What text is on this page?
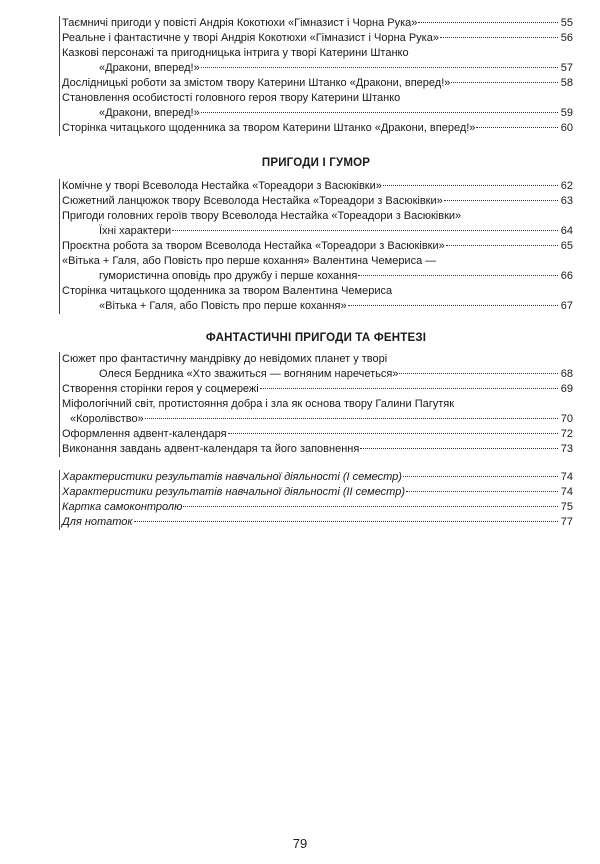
Таємничі пригоди у повісті Андрія Кокотюхи «Гімназист і Чорна Рука»	55
Реальне і фантастичне у творі Андрія Кокотюхи «Гімназист і Чорна Рука»	56
Казкові персонажі та пригодницька інтрига у творі Катерини Штанко
«Дракони, вперед!»	57
Дослідницькі роботи за змістом твору Катерини Штанко «Дракони, вперед!»	58
Становлення особистості головного героя твору Катерини Штанко
«Дракони, вперед!»	59
Сторінка читацького щоденника за твором Катерини Штанко «Дракони, вперед!»	60
ПРИГОДИ І ГУМОР
Комічне у творі Всеволода Нестайка «Тореадори з Васюківки»	62
Сюжетний ланцюжок твору Всеволода Нестайка «Тореадори з Васюківки»	63
Пригоди головних героїв твору Всеволода Нестайка «Тореадори з Васюківки»
Їхні характери	64
Проєктна робота за твором Всеволода Нестайка «Тореадори з Васюківки»	65
«Вітька + Галя, або Повість про перше кохання» Валентина Чемериса —
гумористична оповідь про дружбу і перше кохання	66
Сторінка читацького щоденника за твором Валентина Чемериса
«Вітька + Галя, або Повість про перше кохання»	67
ФАНТАСТИЧНІ ПРИГОДИ ТА ФЕНТЕЗІ
Сюжет про фантастичну мандрівку до невідомих планет у творі
Олеся Бердника «Хто зважиться — вогняним наречеться»	68
Створення сторінки героя у соцмережі	69
Міфологічний світ, протистояння добра і зла як основа твору Галини Пагутяк
«Королівство»	70
Оформлення адвент-календаря	72
Виконання завдань адвент-календаря та його заповнення	73
Характеристики результатів навчальної діяльності (І семестр)	74
Характеристики результатів навчальної діяльності (ІІ семестр)	74
Картка самоконтролю	75
Для нотаток	77
79
